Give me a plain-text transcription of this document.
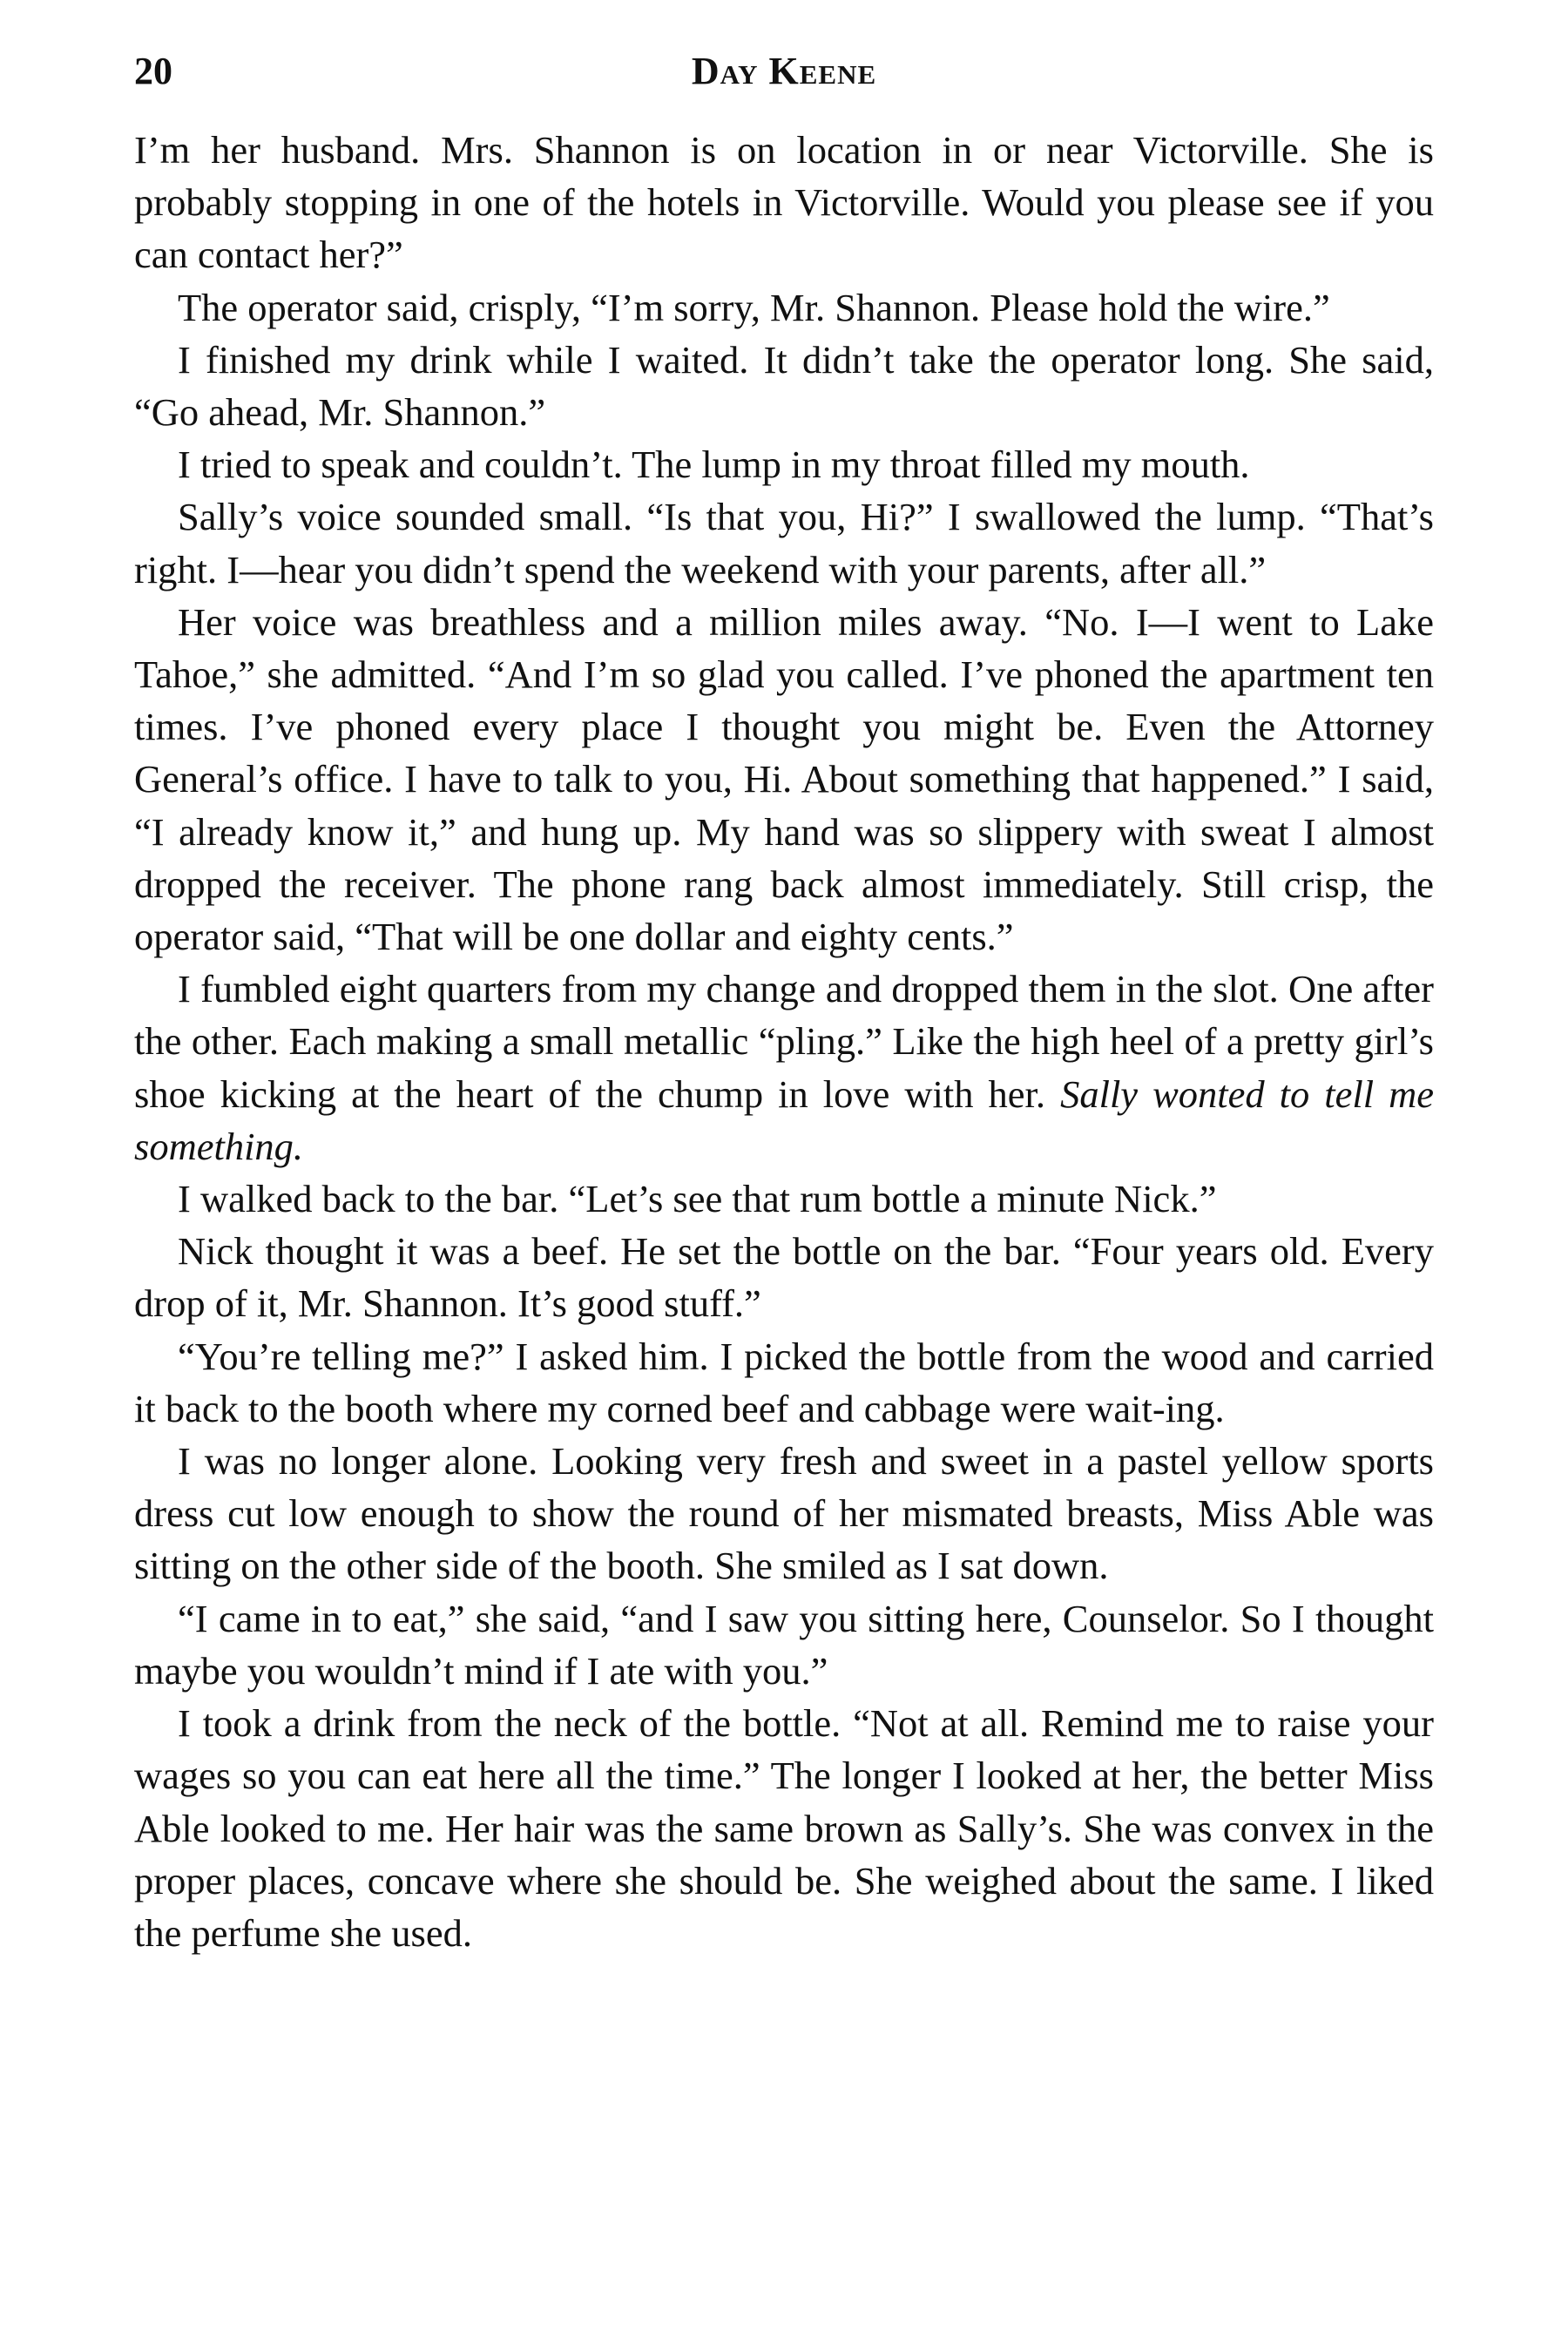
20	Day Keene

I’m her husband. Mrs. Shannon is on location in or near Victorville. She is probably stopping in one of the hotels in Victorville. Would you please see if you can contact her?”

The operator said, crisply, “I’m sorry, Mr. Shannon. Please hold the wire.”

I finished my drink while I waited. It didn’t take the operator long. She said, “Go ahead, Mr. Shannon.”

I tried to speak and couldn’t. The lump in my throat filled my mouth.

Sally’s voice sounded small. “Is that you, Hi?” I swallowed the lump. “That’s right. I—hear you didn’t spend the weekend with your parents, after all.”

Her voice was breathless and a million miles away. “No. I—I went to Lake Tahoe,” she admitted. “And I’m so glad you called. I’ve phoned the apartment ten times. I’ve phoned every place I thought you might be. Even the Attorney General’s office. I have to talk to you, Hi. About something that happened.” I said, “I already know it,” and hung up. My hand was so slippery with sweat I almost dropped the receiver. The phone rang back almost immediately. Still crisp, the operator said, “That will be one dollar and eighty cents.”

I fumbled eight quarters from my change and dropped them in the slot. One after the other. Each making a small metallic “pling.” Like the high heel of a pretty girl’s shoe kicking at the heart of the chump in love with her. Sally wonted to tell me something.

I walked back to the bar. “Let’s see that rum bottle a minute Nick.”

Nick thought it was a beef. He set the bottle on the bar. “Four years old. Every drop of it, Mr. Shannon. It’s good stuff.”

“You’re telling me?” I asked him. I picked the bottle from the wood and carried it back to the booth where my corned beef and cabbage were wait-ing.

I was no longer alone. Looking very fresh and sweet in a pastel yellow sports dress cut low enough to show the round of her mismated breasts, Miss Able was sitting on the other side of the booth. She smiled as I sat down.

“I came in to eat,” she said, “and I saw you sitting here, Counselor. So I thought maybe you wouldn’t mind if I ate with you.”

I took a drink from the neck of the bottle. “Not at all. Remind me to raise your wages so you can eat here all the time.” The longer I looked at her, the better Miss Able looked to me. Her hair was the same brown as Sally’s. She was convex in the proper places, concave where she should be. She weighed about the same. I liked the perfume she used.
